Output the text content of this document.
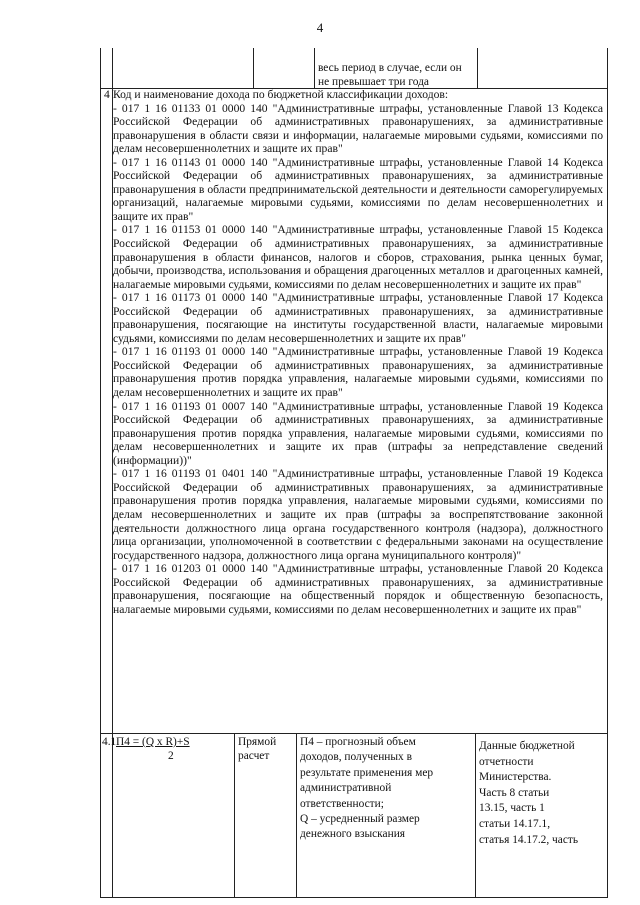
4
весь период в случае, если он
не превышает три года
4 Код и наименование дохода по бюджетной классификации доходов:

- 017 1 16 01133 01 0000 140 "Административные штрафы, установленные Главой 13 Кодекса Российской Федерации об административных правонарушениях, за административные правонарушения в области связи и информации, налагаемые мировыми судьями, комиссиями по делам несовершеннолетних и защите их прав"

- 017 1 16 01143 01 0000 140 "Административные штрафы, установленные Главой 14 Кодекса Российской Федерации об административных правонарушениях, за административные правонарушения в области предпринимательской деятельности и деятельности саморегулируемых организаций, налагаемые мировыми судьями, комиссиями по делам несовершеннолетних и защите их прав"

- 017 1 16 01153 01 0000 140 "Административные штрафы, установленные Главой 15 Кодекса Российской Федерации об административных правонарушениях, за административные правонарушения в области финансов, налогов и сборов, страхования, рынка ценных бумаг, добычи, производства, использования и обращения драгоценных металлов и драгоценных камней, налагаемые мировыми судьями, комиссиями по делам несовершеннолетних и защите их прав"

- 017 1 16 01173 01 0000 140 "Административные штрафы, установленные Главой 17 Кодекса Российской Федерации об административных правонарушениях, за административные правонарушения, посягающие на институты государственной власти, налагаемые мировыми судьями, комиссиями по делам несовершеннолетних и защите их прав"

- 017 1 16 01193 01 0000 140 "Административные штрафы, установленные Главой 19 Кодекса Российской Федерации об административных правонарушениях, за административные правонарушения против порядка управления, налагаемые мировыми судьями, комиссиями по делам несовершеннолетних и защите их прав"

- 017 1 16 01193 01 0007 140 "Административные штрафы, установленные Главой 19 Кодекса Российской Федерации об административных правонарушениях, за административные правонарушения против порядка управления, налагаемые мировыми судьями, комиссиями по делам несовершеннолетних и защите их прав (штрафы за непредставление сведений (информации))"

- 017 1 16 01193 01 0401 140 "Административные штрафы, установленные Главой 19 Кодекса Российской Федерации об административных правонарушениях, за административные правонарушения против порядка управления, налагаемые мировыми судьями, комиссиями по делам несовершеннолетних и защите их прав (штрафы за воспрепятствование законной деятельности должностного лица органа государственного контроля (надзора), должностного лица организации, уполномоченной в соответствии с федеральными законами на осуществление государственного надзора, должностного лица органа муниципального контроля)"

- 017 1 16 01203 01 0000 140 "Административные штрафы, установленные Главой 20 Кодекса Российской Федерации об административных правонарушениях, за административные правонарушения, посягающие на общественный порядок и общественную безопасность, налагаемые мировыми судьями, комиссиями по делам несовершеннолетних и защите их прав"

4.1 П4 = (Q x R)+S
2
Прямой
расчет
П4 – прогнозный объем
доходов, полученных в
результате применения мер
административной
ответственности;
Q – усредненный размер
денежного взыскания
Данные бюджетной
отчетности
Министерства.
Часть 8 статьи
13.15, часть 1
статьи 14.17.1,
статья 14.17.2, часть
